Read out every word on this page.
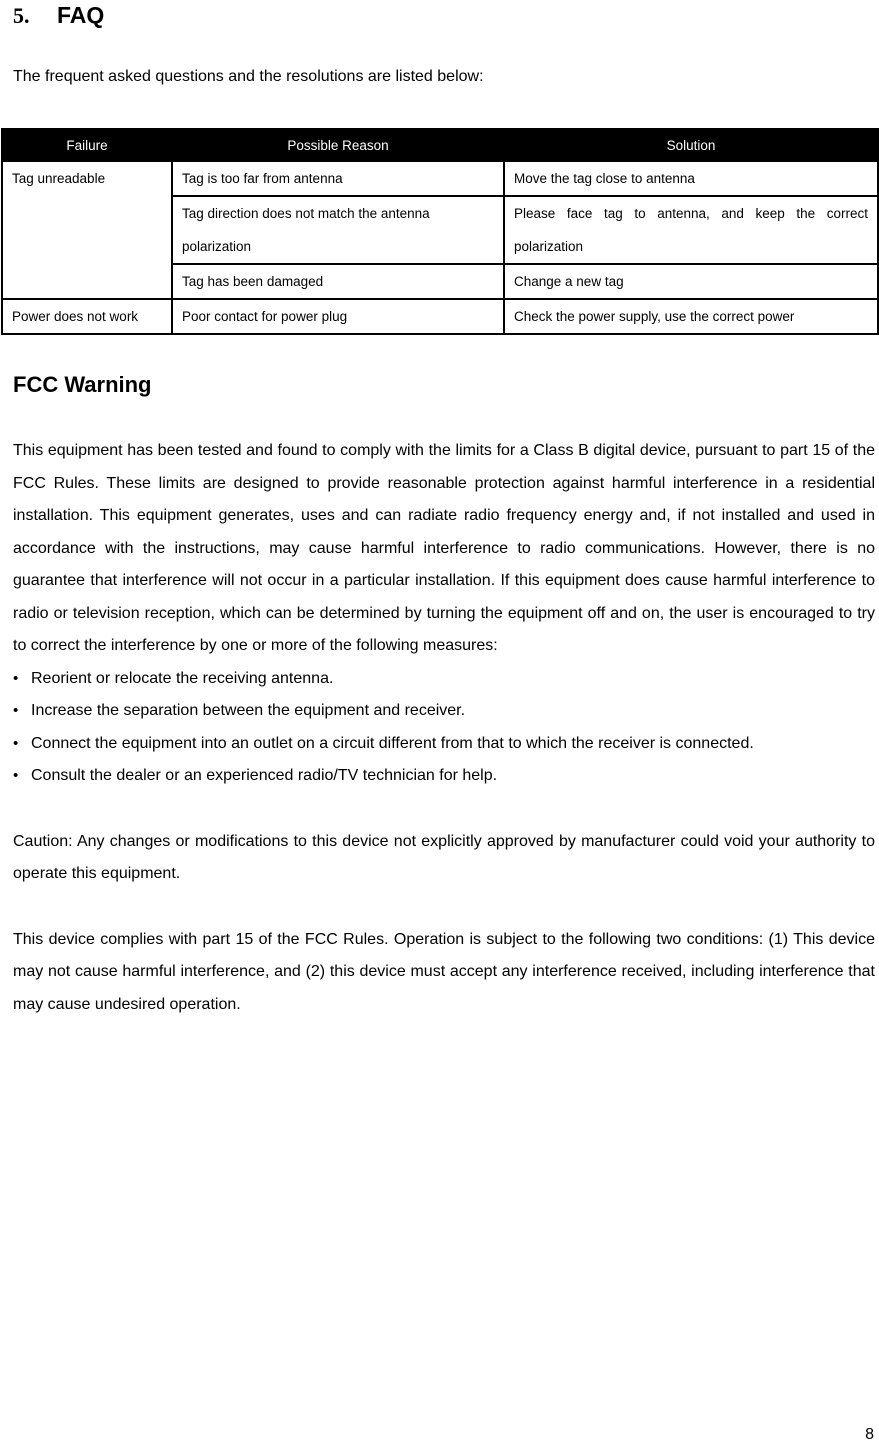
5. FAQ

The frequent asked questions and the resolutions are listed below:

Failure	Possible Reason	Solution
Tag unreadable	Tag is too far from antenna	Move the tag close to antenna
	Tag direction does not match the antenna polarization	Please face tag to antenna, and keep the correct polarization
	Tag has been damaged	Change a new tag
Power does not work	Poor contact for power plug	Check the power supply, use the correct power
FCC Warning

This equipment has been tested and found to comply with the limits for a Class B digital device, pursuant to part 15 of the FCC Rules. These limits are designed to provide reasonable protection against harmful interference in a residential installation. This equipment generates, uses and can radiate radio frequency energy and, if not installed and used in accordance with the instructions, may cause harmful interference to radio communications. However, there is no guarantee that interference will not occur in a particular installation. If this equipment does cause harmful interference to radio or television reception, which can be determined by turning the equipment off and on, the user is encouraged to try to correct the interference by one or more of the following measures:

• Reorient or relocate the receiving antenna.
• Increase the separation between the equipment and receiver.
• Connect the equipment into an outlet on a circuit different from that to which the receiver is connected.
• Consult the dealer or an experienced radio/TV technician for help.

Caution: Any changes or modifications to this device not explicitly approved by manufacturer could void your authority to operate this equipment.

This device complies with part 15 of the FCC Rules. Operation is subject to the following two conditions: (1) This device may not cause harmful interference, and (2) this device must accept any interference received, including interference that may cause undesired operation.

8
